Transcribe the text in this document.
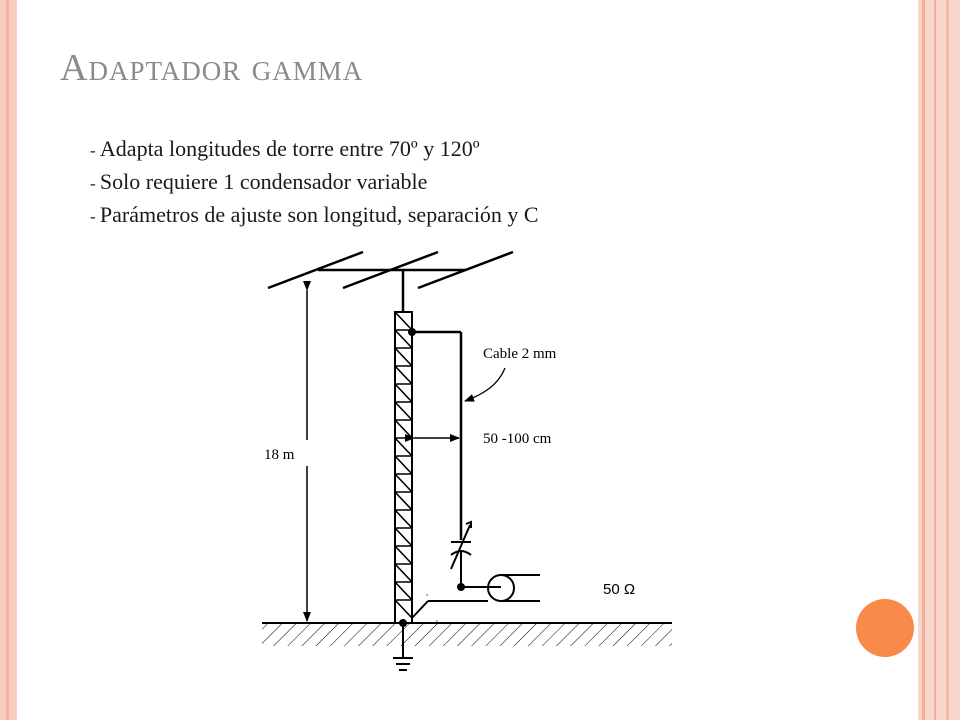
Adaptador gamma
- Adapta longitudes de torre entre 70º y 120º
- Solo requiere 1 condensador variable
- Parámetros de ajuste son longitud, separación y C
18 m
Cable 2 mm
50 -100 cm
50 Ω
